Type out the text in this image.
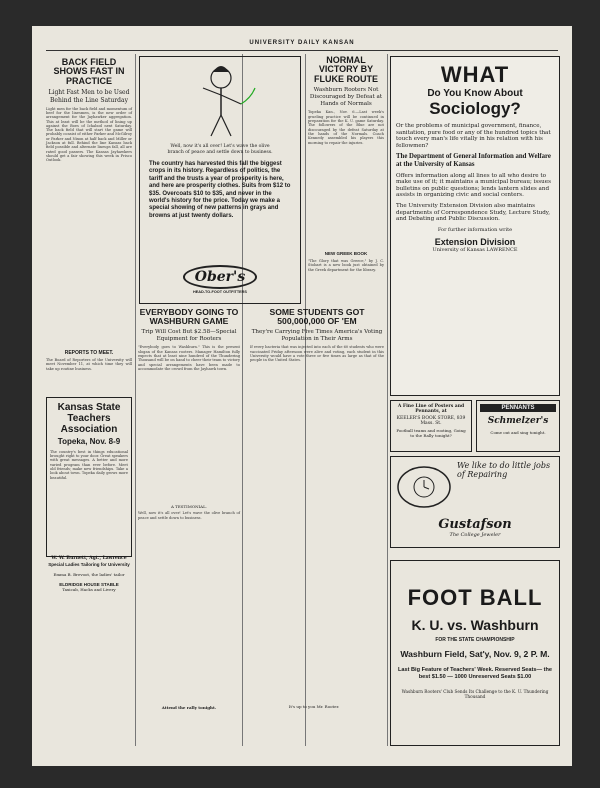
UNIVERSITY DAILY KANSAN
BACK FIELD SHOWS FAST IN PRACTICE
Light Fast Men to be Used Behind the Line Saturday
Light men for the back field and momentum of beef for the linesmen, is the new order of arrangement for the Jayhawker aggregation. This at least will be the method of lining up against the Boes of Ichabod next Saturday. The back field that will start the game will probably consist of either Parker and McGilroy or Parker and Nixon at half back and Miller or Jackson at full. Behind the line Kansas back field possible and alternate lineups fall, all are rated good passers. The Kansas Jayhawkers should get a fair showing this week in Frisco Outlook.
REPORTS TO MEET.
The Board of Reporters of the University will meet November 11, at which time they will take up routine business.
Kansas State Teachers Association
Topeka, Nov. 8-9
The country's best in things educational brought right to your door. Great speakers with great messages. A better and more varied program than ever before. Meet old friends; make new friendships. Take a look about town. Topeka daily grows more beautiful.
W. W. Burnett, Agt., Lawrence
Special Ladies Tailoring for University
Emma B. Brevoot, the ladies' tailor
ELDRIDGE HOUSE STABLE
Taxicab, Hacks and Livery
Well, now it's all over! Let's wave the olive branch of peace and settle down to business.
The country has harvested this fall the biggest crops in its history. Regardless of politics, the tariff and the trusts a year of prosperity is here, and here are prosperity clothes. Suits from $12 to $35. Overcoats $10 to $35, and never in the world's history for the price. Today we make a special showing of new patterns in grays and browns at just twenty dollars.
Ober's
HEAD-TO-FOOT OUTFITTERS
EVERYBODY GOING TO WASHBURN GAME
Trip Will Cost But $2.58—Special Equipment for Rooters
"Everybody goes to Washburn." This is the present slogan of the Kansas rooters. Manager Hamilton fully expects that at least nine hundred of the Thundering Thousand will be on hand to cheer their team to victory and special arrangements have been made to accommodate the crowd from the Jayhawk town.
A TESTIMONIAL.
Well, now it's all over! Let's wave the olive branch of peace and settle down to business.
Attend the rally tonight.
NORMAL VICTORY BY FLUKE ROUTE
Washburn Rooters Not Discouraged by Defeat at Hands of Normals
Topeka Kan., Nov. 6.—Last week's grueling practice will be continued in preparation for the K. U. game Saturday. The followers of the Blue are not discouraged by the defeat Saturday at the hands of the Normals. Coach Kennedy assembled his players this morning to repair the injuries.
NEW GREEK BOOK
"The Glory that was Greece," by J. C. Stobart is a new book just obtained by the Greek department for the library.
SOME STUDENTS GOT 500,000,000 OF 'EM
They're Carrying Five Times America's Voting Population in Their Arms
If every bacteria that was injected into each of the 60 students who were vaccinated Friday afternoon were alive and voting, each student in this University would have a vote three or five times as large as that of the people in the United States.
It's up to you Mr. Rooter.
WHAT
Do You Know About
Sociology?
Or the problems of municipal government, finance, sanitation, pure food or any of the hundred topics that touch every man's life vitally in his relation with his fellowmen?
The Department of General Information and Welfare at the University of Kansas
Offers information along all lines to all who desire to make use of it; it maintains a municipal bureau; issues bulletins on public questions; lends lantern slides and assists in organizing civic and social centers.
The University Extension Division also maintains departments of Correspondence Study, Lecture Study, and Debating and Public Discussion.
For further information write
Extension Division
University of Kansas LAWRENCE
A Fine Line of Posters and Pennants, at
KEELER'S BOOK STORE, 839 Mass. St.
Football teams and rooting, Going to the Rally tonight?
PENNANTS
Schmelzer's
Come out and sing tonight.
We like to do little jobs of Repairing
Gustafson
The College Jeweler
FOOT BALL
K. U. vs. Washburn
FOR THE STATE CHAMPIONSHIP
Washburn Field, Sat'y, Nov. 9, 2 P. M.
Last Big Feature of Teachers' Week. Reserved Seats— the best $1.50 — 1000 Unreserved Seats $1.00
Washburn Rooters' Club Sends Its Challenge to the K. U. Thundering Thousand
